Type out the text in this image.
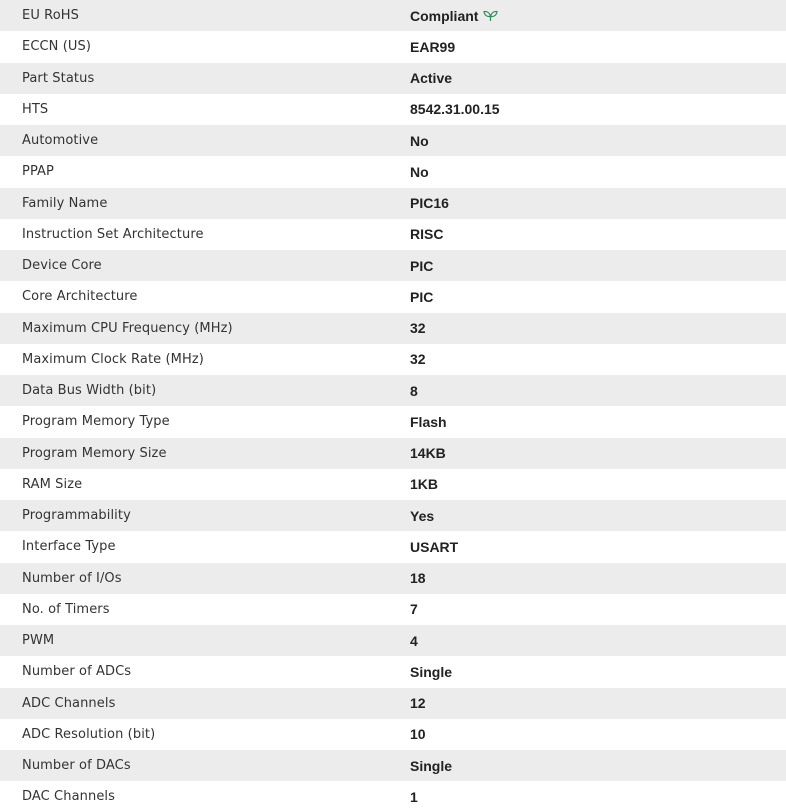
EU RoHS	Compliant
ECCN (US)	EAR99
Part Status	Active
HTS	8542.31.00.15
Automotive	No
PPAP	No
Family Name	PIC16
Instruction Set Architecture	RISC
Device Core	PIC
Core Architecture	PIC
Maximum CPU Frequency (MHz)	32
Maximum Clock Rate (MHz)	32
Data Bus Width (bit)	8
Program Memory Type	Flash
Program Memory Size	14KB
RAM Size	1KB
Programmability	Yes
Interface Type	USART
Number of I/Os	18
No. of Timers	7
PWM	4
Number of ADCs	Single
ADC Channels	12
ADC Resolution (bit)	10
Number of DACs	Single
DAC Channels	1
